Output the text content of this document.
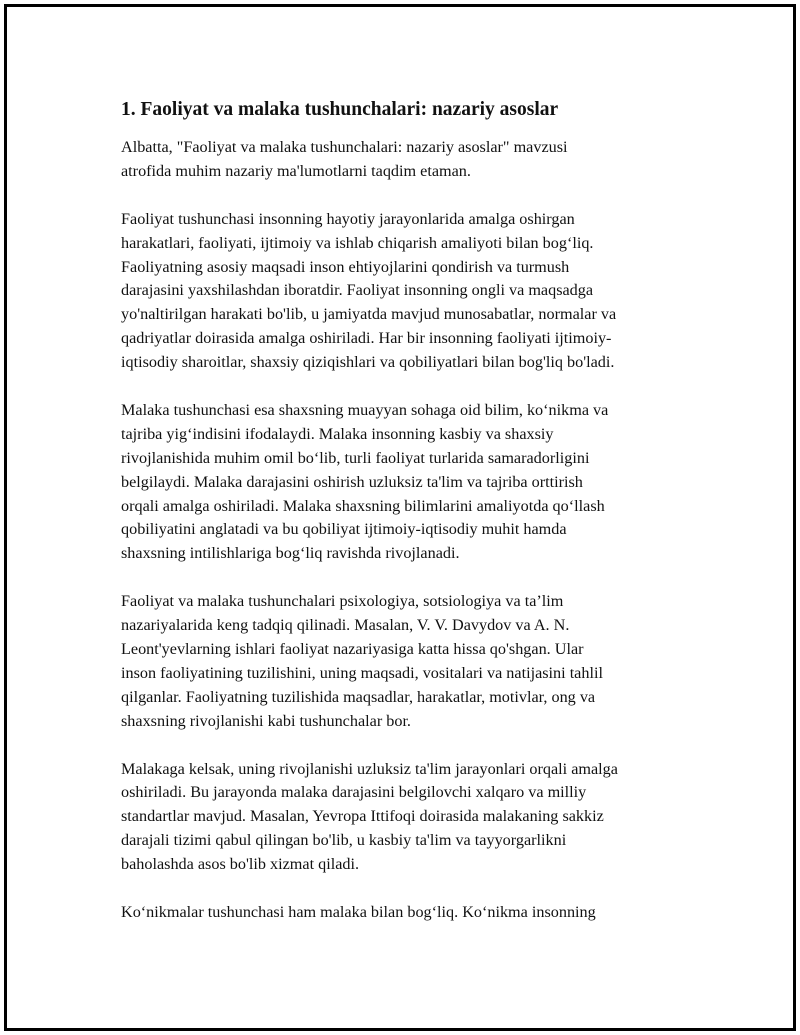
1. Faoliyat va malaka tushunchalari: nazariy asoslar

Albatta, "Faoliyat va malaka tushunchalari: nazariy asoslar" mavzusi
atrofida muhim nazariy ma'lumotlarni taqdim etaman.

Faoliyat tushunchasi insonning hayotiy jarayonlarida amalga oshirgan
harakatlari, faoliyati, ijtimoiy va ishlab chiqarish amaliyoti bilan bogʻliq.
Faoliyatning asosiy maqsadi inson ehtiyojlarini qondirish va turmush
darajasini yaxshilashdan iboratdir. Faoliyat insonning ongli va maqsadga
yo'naltirilgan harakati bo'lib, u jamiyatda mavjud munosabatlar, normalar va
qadriyatlar doirasida amalga oshiriladi. Har bir insonning faoliyati ijtimoiy-
iqtisodiy sharoitlar, shaxsiy qiziqishlari va qobiliyatlari bilan bog'liq bo'ladi.

Malaka tushunchasi esa shaxsning muayyan sohaga oid bilim, koʻnikma va
tajriba yigʻindisini ifodalaydi. Malaka insonning kasbiy va shaxsiy
rivojlanishida muhim omil boʻlib, turli faoliyat turlarida samaradorligini
belgilaydi. Malaka darajasini oshirish uzluksiz ta'lim va tajriba orttirish
orqali amalga oshiriladi. Malaka shaxsning bilimlarini amaliyotda qoʻllash
qobiliyatini anglatadi va bu qobiliyat ijtimoiy-iqtisodiy muhit hamda
shaxsning intilishlariga bogʻliq ravishda rivojlanadi.

Faoliyat va malaka tushunchalari psixologiya, sotsiologiya va taʼlim
nazariyalarida keng tadqiq qilinadi. Masalan, V. V. Davydov va A. N.
Leont'yevlarning ishlari faoliyat nazariyasiga katta hissa qo'shgan. Ular
inson faoliyatining tuzilishini, uning maqsadi, vositalari va natijasini tahlil
qilganlar. Faoliyatning tuzilishida maqsadlar, harakatlar, motivlar, ong va
shaxsning rivojlanishi kabi tushunchalar bor.

Malakaga kelsak, uning rivojlanishi uzluksiz ta'lim jarayonlari orqali amalga
oshiriladi. Bu jarayonda malaka darajasini belgilovchi xalqaro va milliy
standartlar mavjud. Masalan, Yevropa Ittifoqi doirasida malakaning sakkiz
darajali tizimi qabul qilingan bo'lib, u kasbiy ta'lim va tayyorgarlikni
baholashda asos bo'lib xizmat qiladi.

Koʻnikmalar tushunchasi ham malaka bilan bogʻliq. Koʻnikma insonning
